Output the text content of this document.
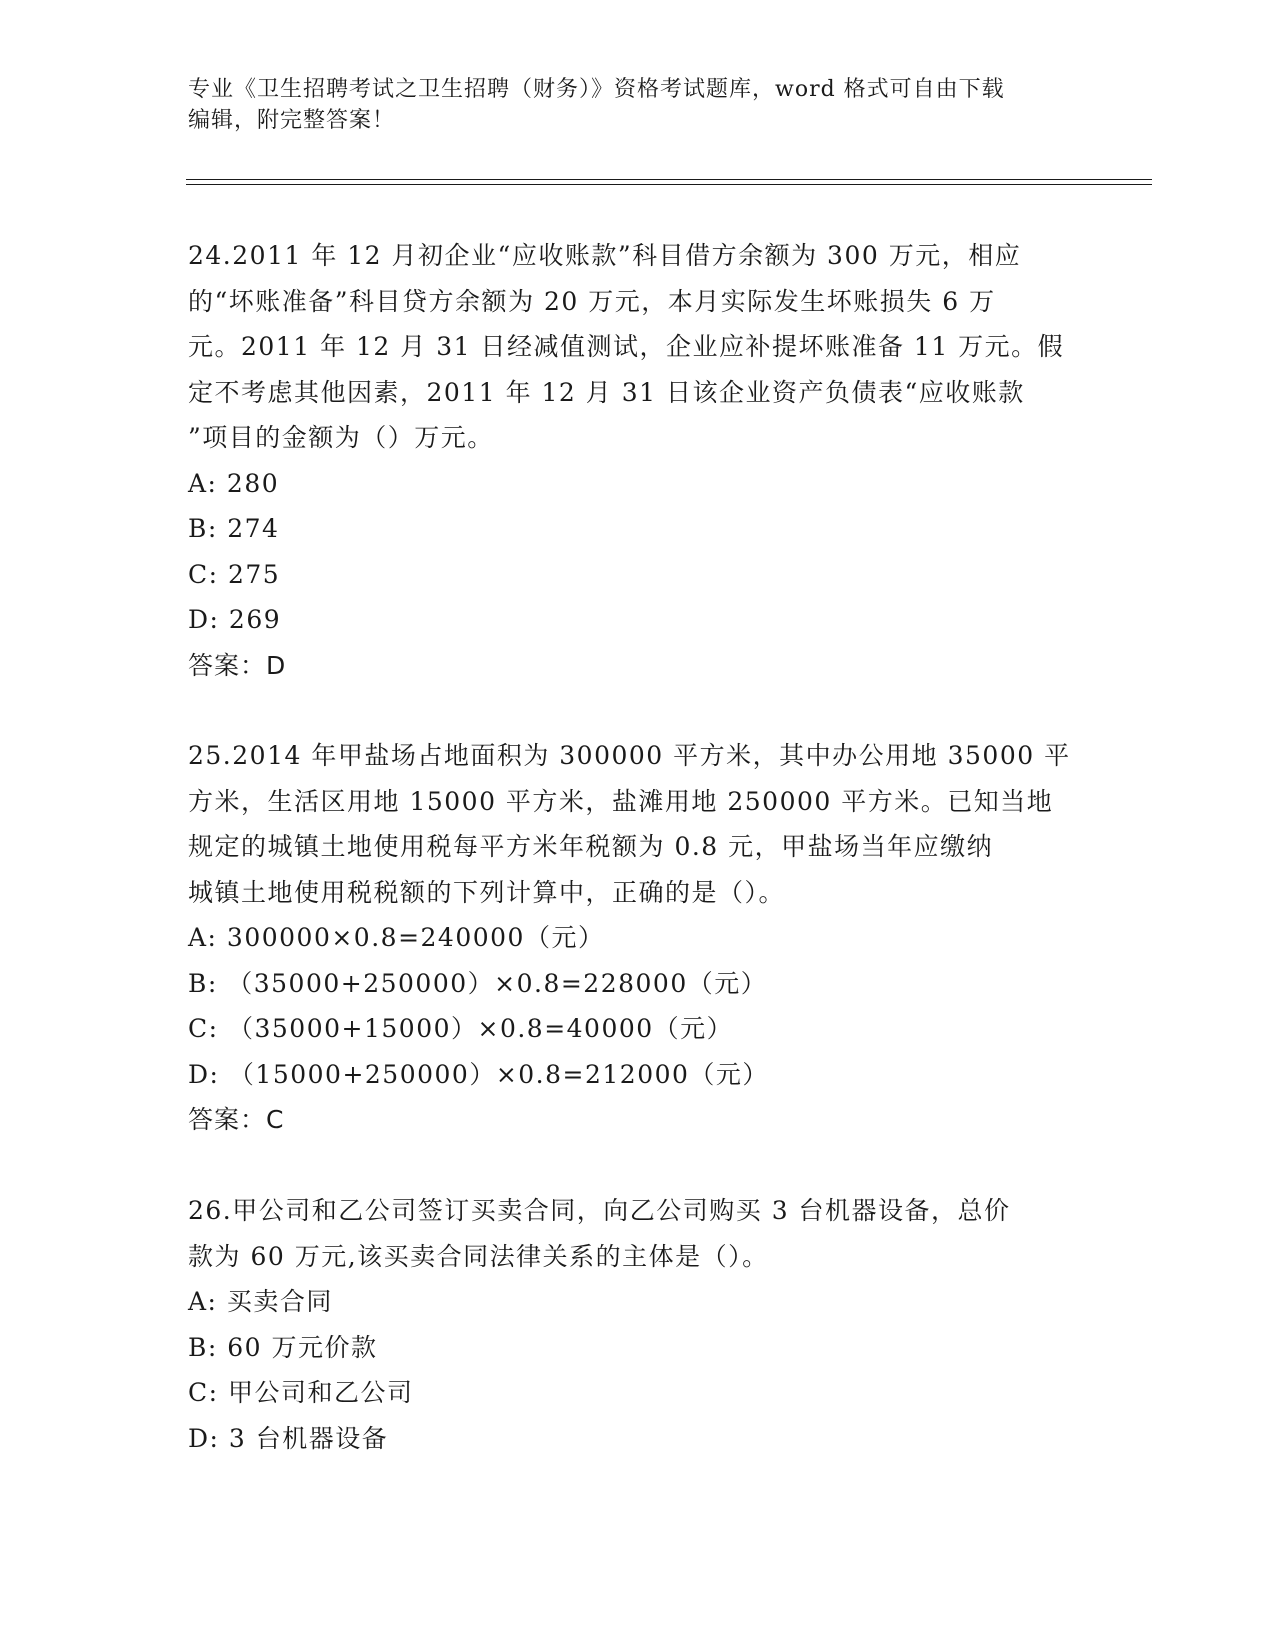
专业《卫生招聘考试之卫生招聘（财务）》资格考试题库，word 格式可自由下载
编辑，附完整答案！
24.2011 年 12 月初企业“应收账款”科目借方余额为 300 万元，相应
的“坏账准备”科目贷方余额为 20 万元，本月实际发生坏账损失 6 万
元。2011 年 12 月 31 日经减值测试，企业应补提坏账准备 11 万元。假
定不考虑其他因素，2011 年 12 月 31 日该企业资产负债表“应收账款
”项目的金额为（）万元。
A: 280
B: 274
C: 275
D: 269
答案：D
25.2014 年甲盐场占地面积为 300000 平方米，其中办公用地 35000 平
方米，生活区用地 15000 平方米，盐滩用地 250000 平方米。已知当地
规定的城镇土地使用税每平方米年税额为 0.8 元，甲盐场当年应缴纳
城镇土地使用税税额的下列计算中，正确的是（）。
A: 300000×0.8=240000（元）
B: （35000+250000）×0.8=228000（元）
C: （35000+15000）×0.8=40000（元）
D: （15000+250000）×0.8=212000（元）
答案：C
26.甲公司和乙公司签订买卖合同，向乙公司购买 3 台机器设备，总价
款为 60 万元,该买卖合同法律关系的主体是（）。
A: 买卖合同
B: 60 万元价款
C: 甲公司和乙公司
D: 3 台机器设备
